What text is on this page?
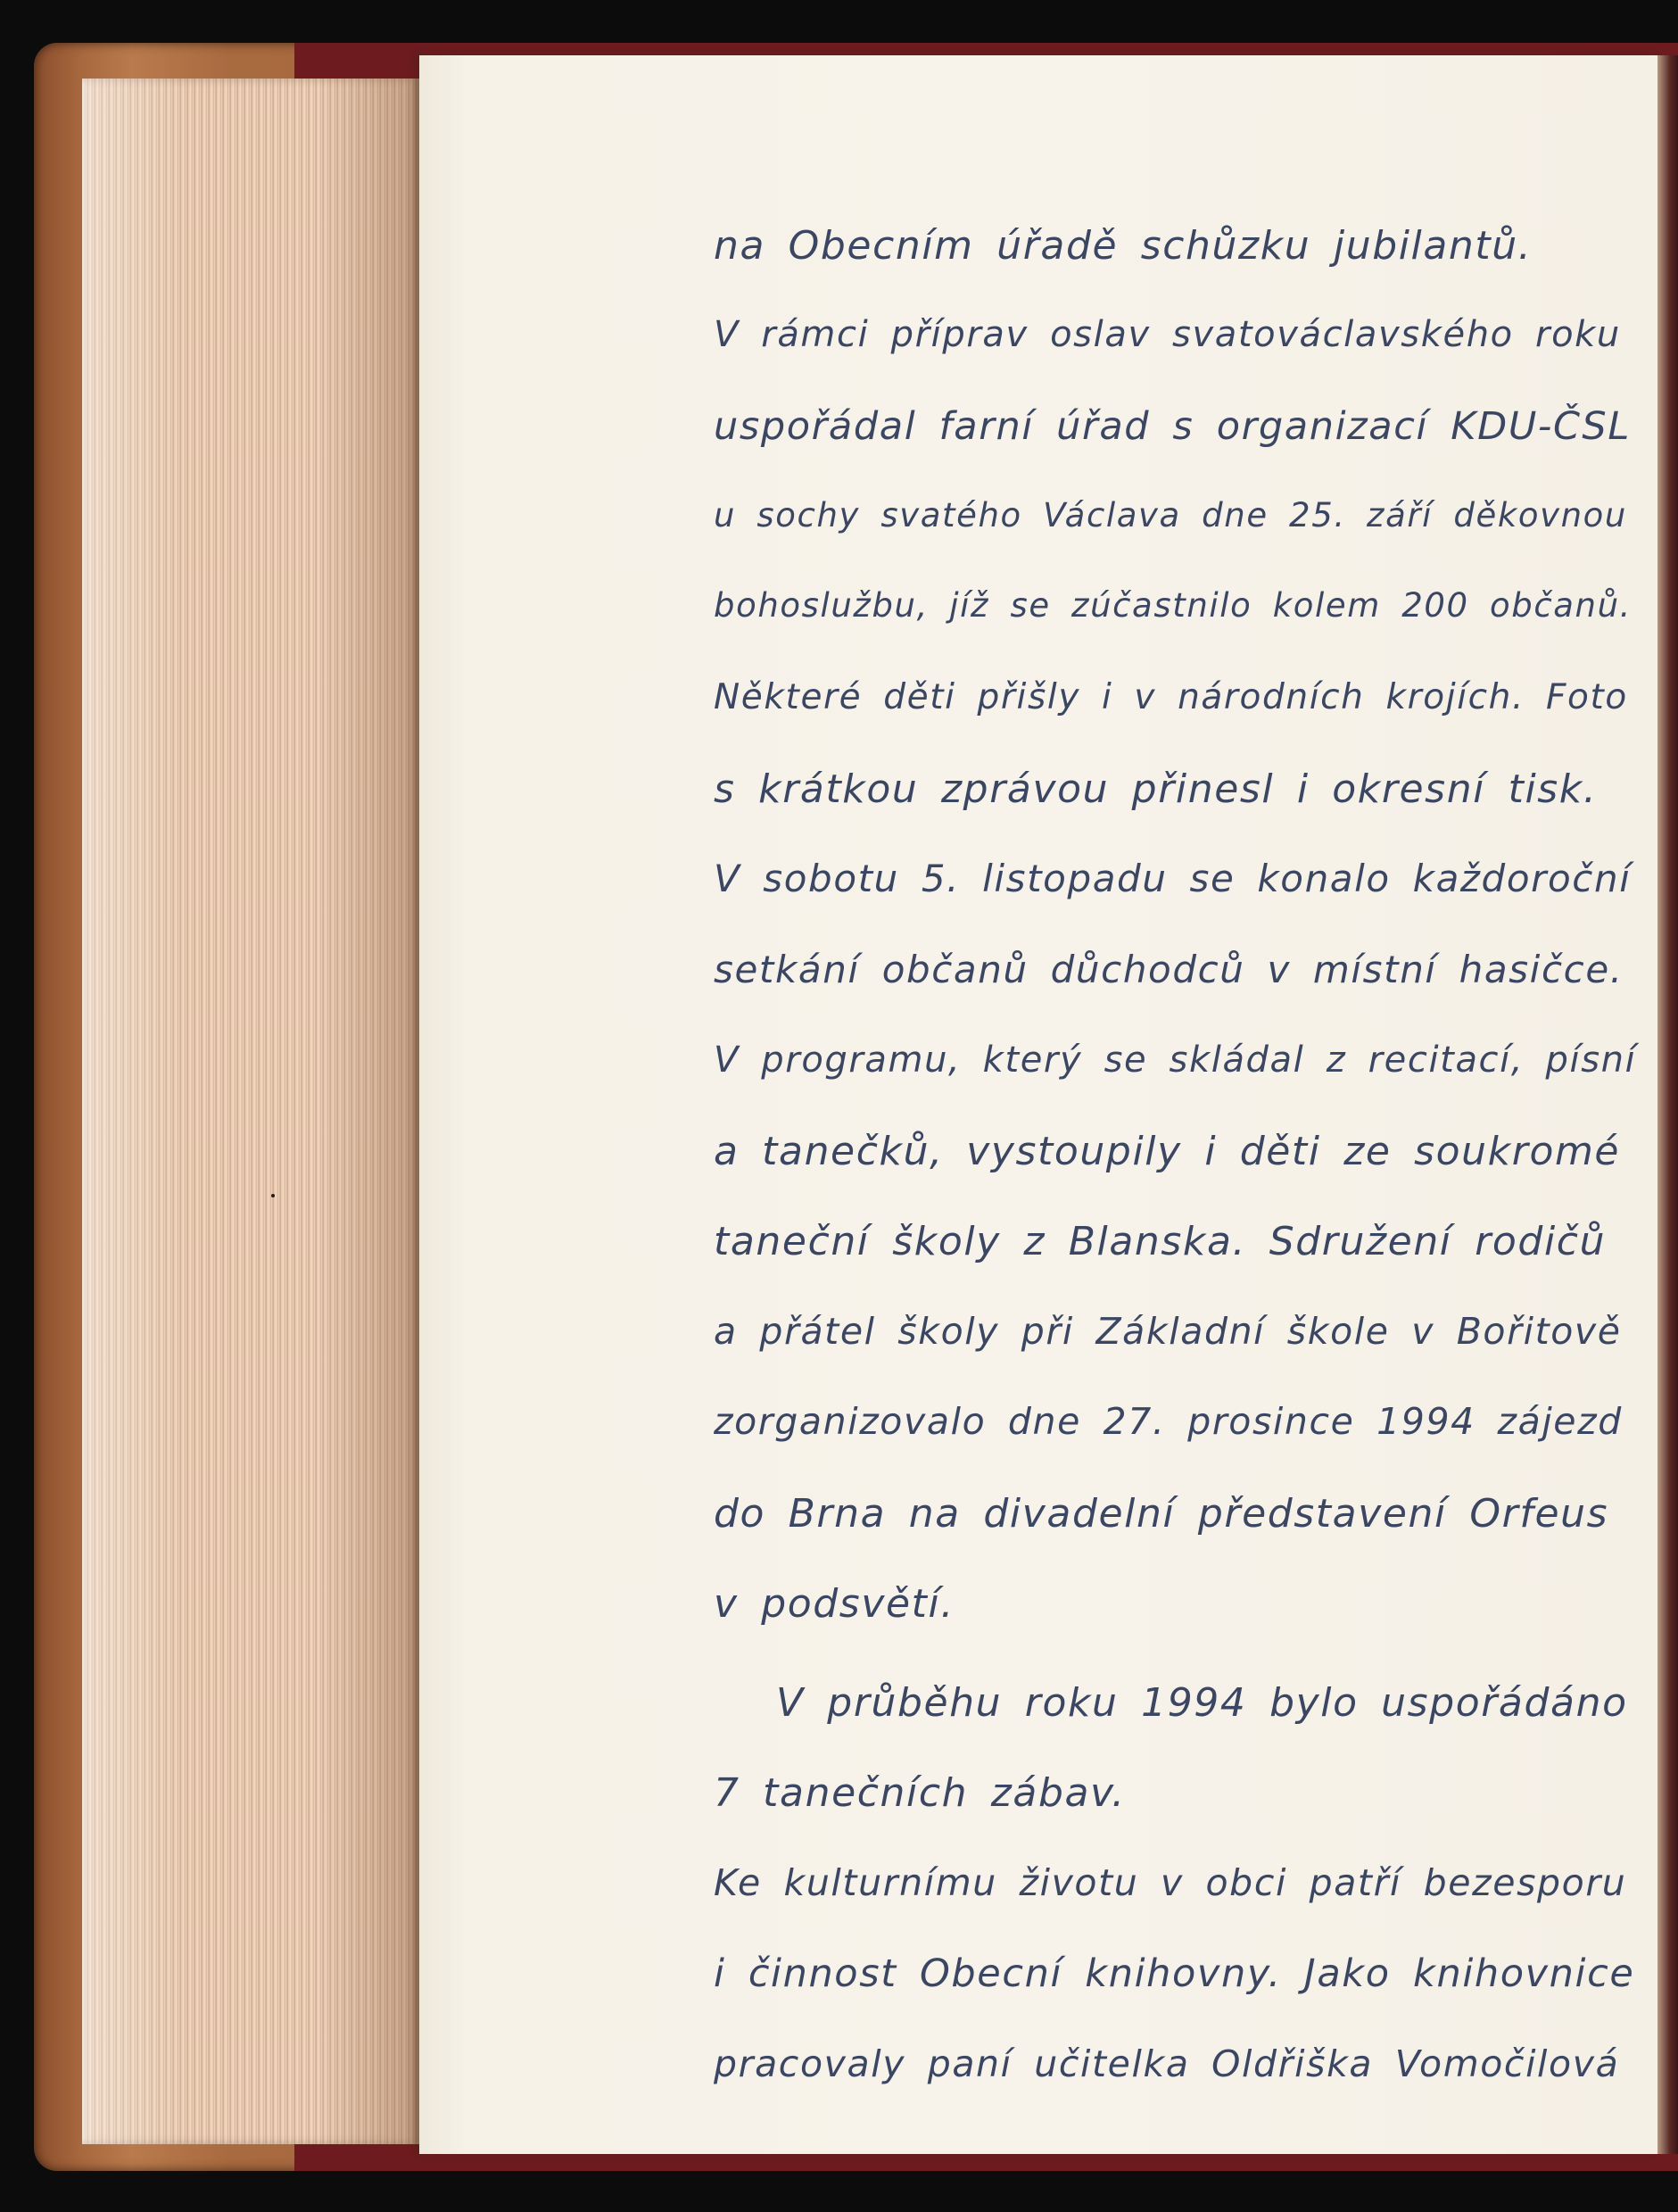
na Obecním úřadě schůzku jubilantů.
V rámci příprav oslav svatováclavského roku
uspořádal farní úřad s organizací KDU-ČSL
u sochy svatého Václava dne 25. září děkovnou
bohoslužbu, jíž se zúčastnilo kolem 200 občanů.
Některé děti přišly i v národních krojích. Foto
s krátkou zprávou přinesl i okresní tisk.
V sobotu 5. listopadu se konalo každoroční
setkání občanů důchodců v místní hasičce.
V programu, který se skládal z recitací, písní
a tanečků, vystoupily i děti ze soukromé
taneční školy z Blanska. Sdružení rodičů
a přátel školy při Základní škole v Bořitově
zorganizovalo dne 27. prosince 1994 zájezd
do Brna na divadelní představení Orfeus
v podsvětí.
V průběhu roku 1994 bylo uspořádáno
7 tanečních zábav.
Ke kulturnímu životu v obci patří bezesporu
i činnost Obecní knihovny. Jako knihovnice
pracovaly paní učitelka Oldřiška Vomočilová
